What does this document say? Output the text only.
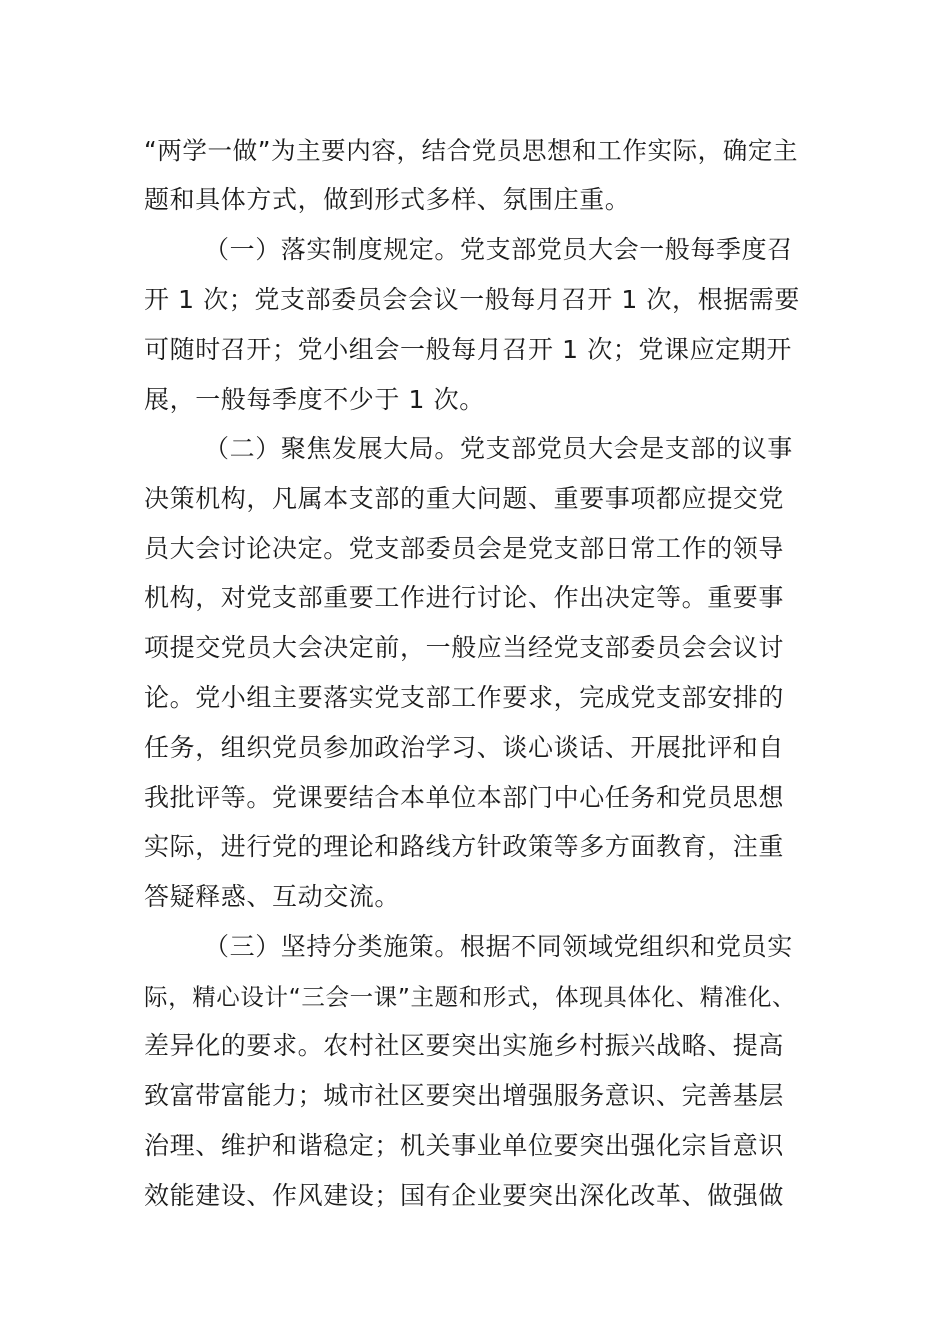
“两学一做”为主要内容，结合党员思想和工作实际，确定主
题和具体方式，做到形式多样、氛围庄重。
（一）落实制度规定。党支部党员大会一般每季度召
开 1 次；党支部委员会会议一般每月召开 1 次，根据需要
可随时召开；党小组会一般每月召开 1 次；党课应定期开
展，一般每季度不少于 1 次。
（二）聚焦发展大局。党支部党员大会是支部的议事
决策机构，凡属本支部的重大问题、重要事项都应提交党
员大会讨论决定。党支部委员会是党支部日常工作的领导
机构，对党支部重要工作进行讨论、作出决定等。重要事
项提交党员大会决定前，一般应当经党支部委员会会议讨
论。党小组主要落实党支部工作要求，完成党支部安排的
任务，组织党员参加政治学习、谈心谈话、开展批评和自
我批评等。党课要结合本单位本部门中心任务和党员思想
实际，进行党的理论和路线方针政策等多方面教育，注重
答疑释惑、互动交流。
（三）坚持分类施策。根据不同领域党组织和党员实
际，精心设计“三会一课”主题和形式，体现具体化、精准化、
差异化的要求。农村社区要突出实施乡村振兴战略、提高
致富带富能力；城市社区要突出增强服务意识、完善基层
治理、维护和谐稳定；机关事业单位要突出强化宗旨意识
效能建设、作风建设；国有企业要突出深化改革、做强做
